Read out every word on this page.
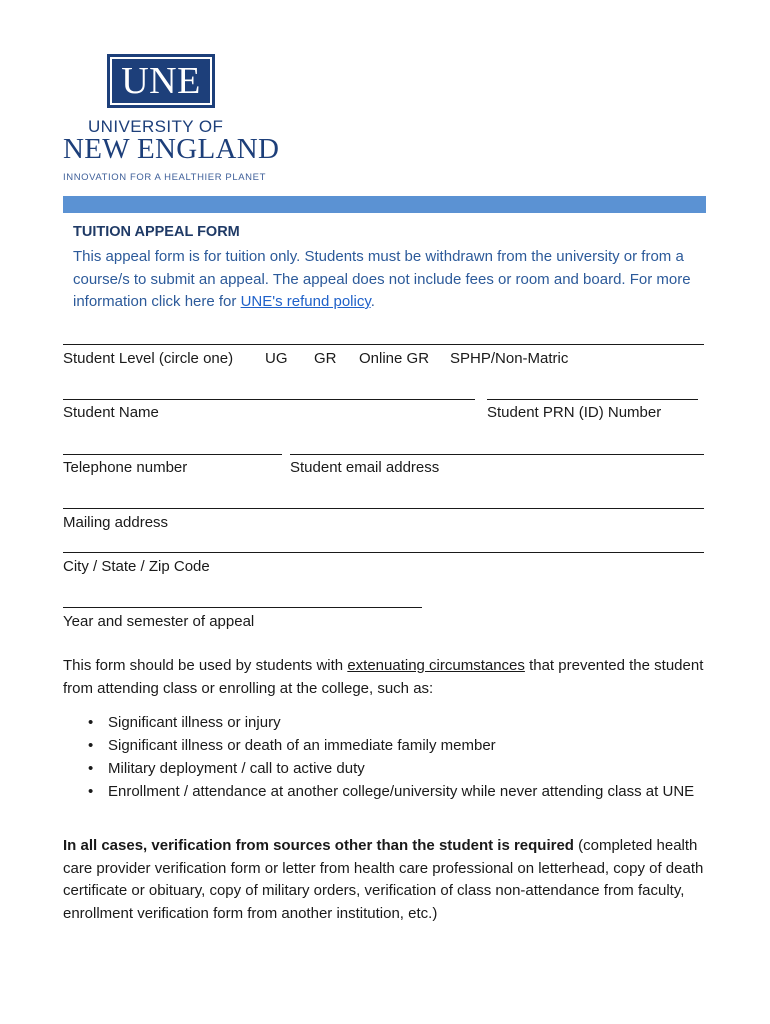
UNE
UNIVERSITY OF
NEW ENGLAND
INNOVATION FOR A HEALTHIER PLANET
TUITION APPEAL FORM
This appeal form is for tuition only. Students must be withdrawn from the university or from a course/s to submit an appeal. The appeal does not include fees or room and board. For more information click here for UNE's refund policy.
Student Level (circle one) UG GR Online GR SPHP/Non-Matric
Student Name	Student PRN (ID) Number
Telephone number	Student email address
Mailing address
City / State / Zip Code
Year and semester of appeal
This form should be used by students with extenuating circumstances that prevented the student from attending class or enrolling at the college, such as:
• Significant illness or injury
• Significant illness or death of an immediate family member
• Military deployment / call to active duty
• Enrollment / attendance at another college/university while never attending class at UNE
In all cases, verification from sources other than the student is required (completed health care provider verification form or letter from health care professional on letterhead, copy of death certificate or obituary, copy of military orders, verification of class non-attendance from faculty, enrollment verification form from another institution, etc.)
